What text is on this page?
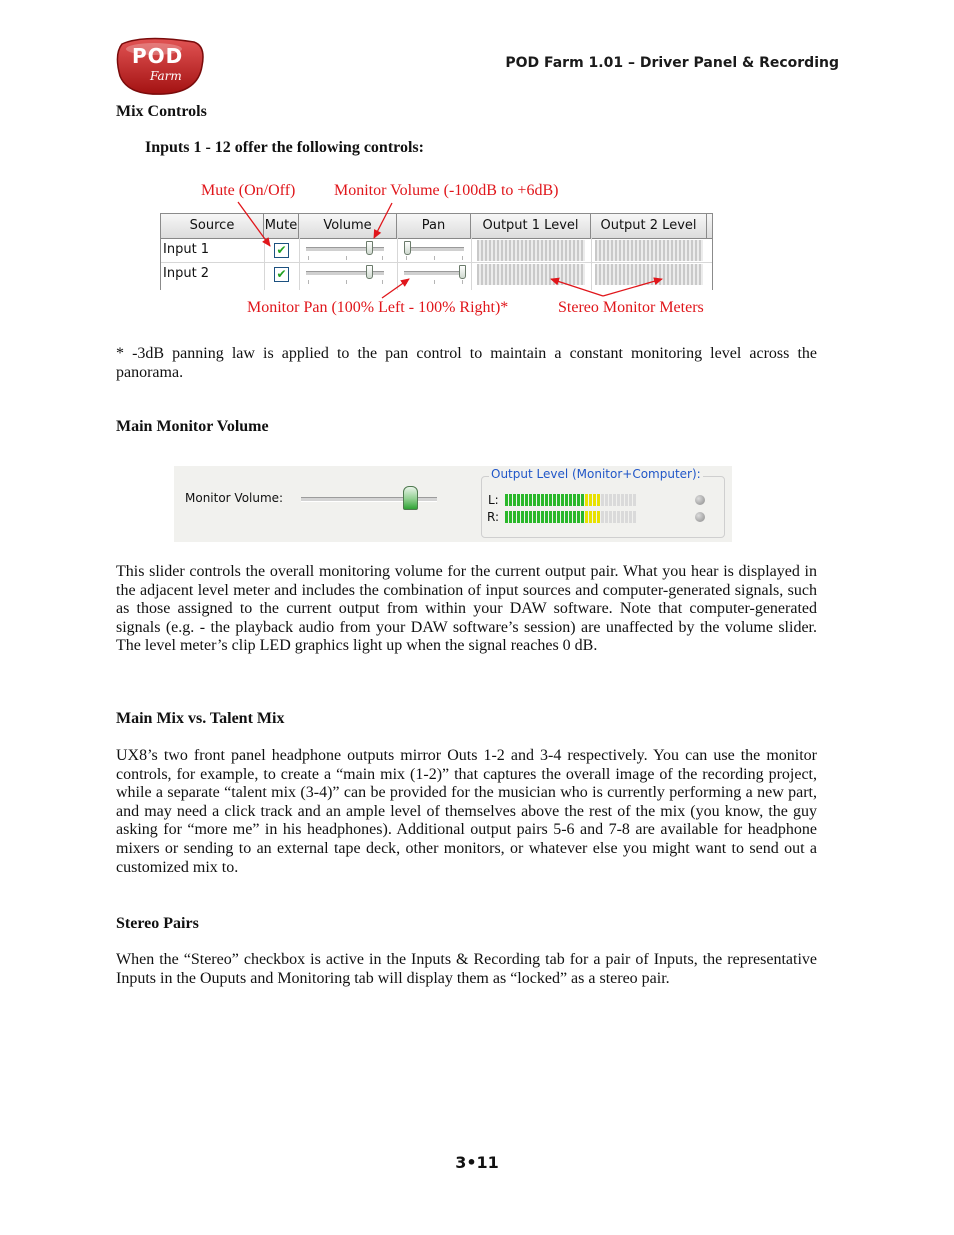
POD
Farm
POD Farm 1.01 – Driver Panel & Recording
Mix Controls
Inputs 1 - 12 offer the following controls:
Mute (On/Off) Monitor Volume (-100dB to +6dB)
Source	Mute	Volume	Pan	Output 1 Level	Output 2 Level
Input 1	✔
Input 2	✔
Monitor Pan (100% Left - 100% Right)*	Stereo Monitor Meters
* -3dB panning law is applied to the pan control to maintain a constant monitoring level across the panorama.
Main Monitor Volume
Monitor Volume:
Output Level (Monitor+Computer):
L:
R:
This slider controls the overall monitoring volume for the current output pair. What you hear is displayed in the adjacent level meter and includes the combination of input sources and computer-generated signals, such as those assigned to the current output from within your DAW software. Note that computer-generated signals (e.g. - the playback audio from your DAW software’s session) are unaffected by the volume slider. The level meter’s clip LED graphics light up when the signal reaches 0 dB.
Main Mix vs. Talent Mix
UX8’s two front panel headphone outputs mirror Outs 1-2 and 3-4 respectively. You can use the monitor controls, for example, to create a “main mix (1-2)” that captures the overall image of the recording project, while a separate “talent mix (3-4)” can be provided for the musician who is currently performing a new part, and may need a click track and an ample level of themselves above the rest of the mix (you know, the guy asking for “more me” in his headphones). Additional output pairs 5-6 and 7-8 are available for headphone mixers or sending to an external tape deck, other monitors, or whatever else you might want to send out a customized mix to.
Stereo Pairs
When the “Stereo” checkbox is active in the Inputs & Recording tab for a pair of Inputs, the representative Inputs in the Ouputs and Monitoring tab will display them as “locked” as a stereo pair.
3•11
